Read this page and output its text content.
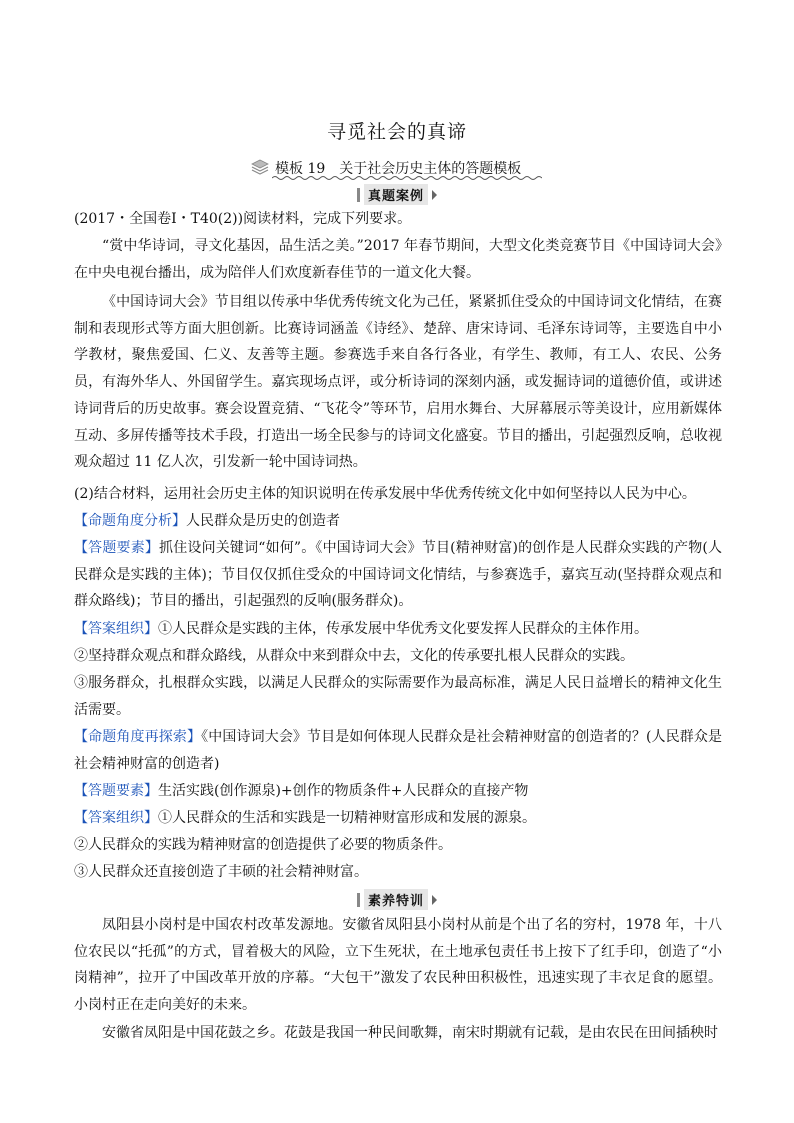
寻觅社会的真谛
模板 19　关于社会历史主体的答题模板
真题案例

(2017・全国卷Ⅰ・T40(2))阅读材料，完成下列要求。

“赏中华诗词，寻文化基因，品生活之美。”2017 年春节期间，大型文化类竞赛节目《中国诗词大会》在中央电视台播出，成为陪伴人们欢度新春佳节的一道文化大餐。

《中国诗词大会》节目组以传承中华优秀传统文化为己任，紧紧抓住受众的中国诗词文化情结，在赛制和表现形式等方面大胆创新。比赛诗词涵盖《诗经》、楚辞、唐宋诗词、毛泽东诗词等，主要选自中小学教材，聚焦爱国、仁义、友善等主题。参赛选手来自各行各业，有学生、教师，有工人、农民、公务员，有海外华人、外国留学生。嘉宾现场点评，或分析诗词的深刻内涵，或发掘诗词的道德价值，或讲述诗词背后的历史故事。赛会设置竞猜、“飞花令”等环节，启用水舞台、大屏幕展示等美设计，应用新媒体互动、多屏传播等技术手段，打造出一场全民参与的诗词文化盛宴。节目的播出，引起强烈反响，总收视观众超过 11 亿人次，引发新一轮中国诗词热。

(2)结合材料，运用社会历史主体的知识说明在传承发展中华优秀传统文化中如何坚持以人民为中心。

【命题角度分析】人民群众是历史的创造者

【答题要素】抓住设问关键词“如何”。《中国诗词大会》节目(精神财富)的创作是人民群众实践的产物(人民群众是实践的主体)；节目仅仅抓住受众的中国诗词文化情结，与参赛选手，嘉宾互动(坚持群众观点和群众路线)；节目的播出，引起强烈的反响(服务群众)。

【答案组织】①人民群众是实践的主体，传承发展中华优秀文化要发挥人民群众的主体作用。

②坚持群众观点和群众路线，从群众中来到群众中去，文化的传承要扎根人民群众的实践。

③服务群众，扎根群众实践，以满足人民群众的实际需要作为最高标准，满足人民日益增长的精神文化生活需要。

【命题角度再探索】《中国诗词大会》节目是如何体现人民群众是社会精神财富的创造者的？(人民群众是社会精神财富的创造者)

【答题要素】生活实践(创作源泉)+创作的物质条件+人民群众的直接产物

【答案组织】①人民群众的生活和实践是一切精神财富形成和发展的源泉。

②人民群众的实践为精神财富的创造提供了必要的物质条件。

③人民群众还直接创造了丰硕的社会精神财富。

素养特训

凤阳县小岗村是中国农村改革发源地。安徽省凤阳县小岗村从前是个出了名的穷村，1978 年，十八位农民以“托孤”的方式，冒着极大的风险，立下生死状，在土地承包责任书上按下了红手印，创造了“小岗精神”，拉开了中国改革开放的序幕。“大包干”激发了农民种田积极性，迅速实现了丰衣足食的愿望。小岗村正在走向美好的未来。

安徽省凤阳是中国花鼓之乡。花鼓是我国一种民间歌舞，南宋时期就有记载，是由农民在田间插秧时
